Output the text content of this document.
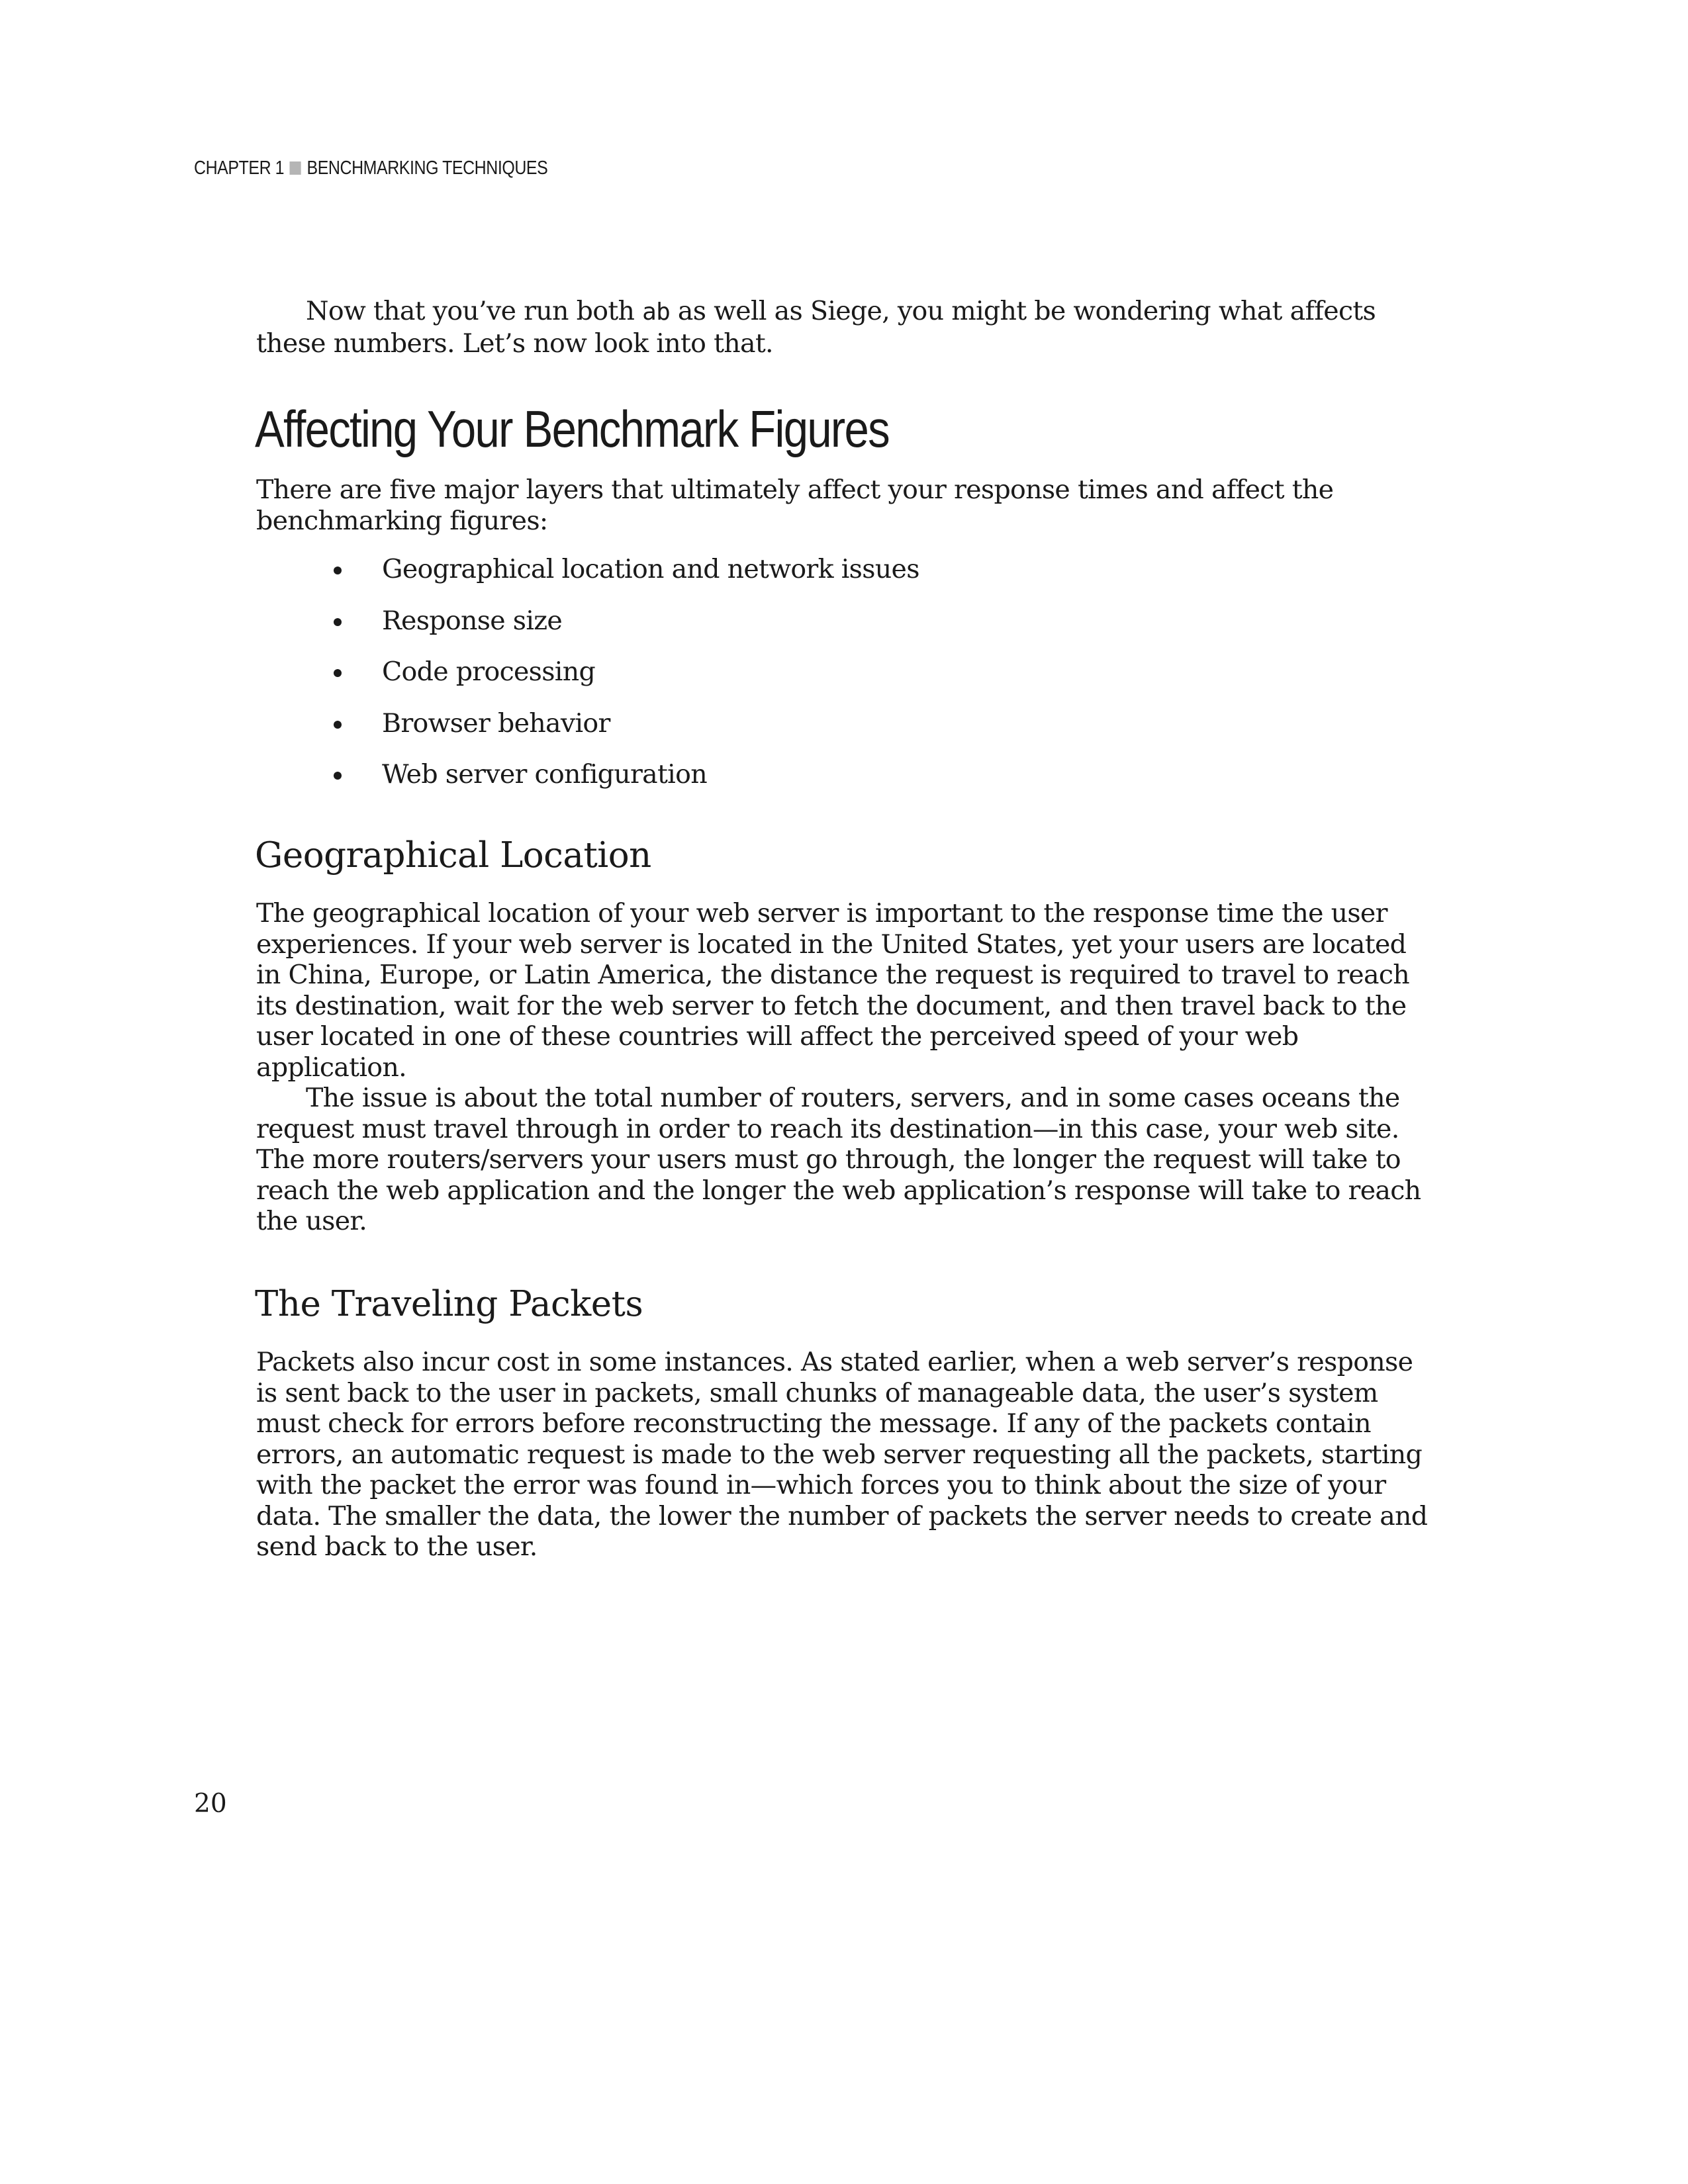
CHAPTER 1 BENCHMARKING TECHNIQUES

Now that you’ve run both ab as well as Siege, you might be wondering what affects these numbers. Let’s now look into that.

Affecting Your Benchmark Figures

There are five major layers that ultimately affect your response times and affect the benchmarking figures:

Geographical location and network issues
Response size
Code processing
Browser behavior
Web server configuration
Geographical Location

The geographical location of your web server is important to the response time the user experiences. If your web server is located in the United States, yet your users are located in China, Europe, or Latin America, the distance the request is required to travel to reach its destination, wait for the web server to fetch the document, and then travel back to the user located in one of these countries will affect the perceived speed of your web application.

The issue is about the total number of routers, servers, and in some cases oceans the request must travel through in order to reach its destination—in this case, your web site. The more routers/servers your users must go through, the longer the request will take to reach the web application and the longer the web application’s response will take to reach the user.

The Traveling Packets

Packets also incur cost in some instances. As stated earlier, when a web server’s response is sent back to the user in packets, small chunks of manageable data, the user’s system must check for errors before reconstructing the message. If any of the packets contain errors, an automatic request is made to the web server requesting all the packets, starting with the packet the error was found in—which forces you to think about the size of your data. The smaller the data, the lower the number of packets the server needs to create and send back to the user.

20
